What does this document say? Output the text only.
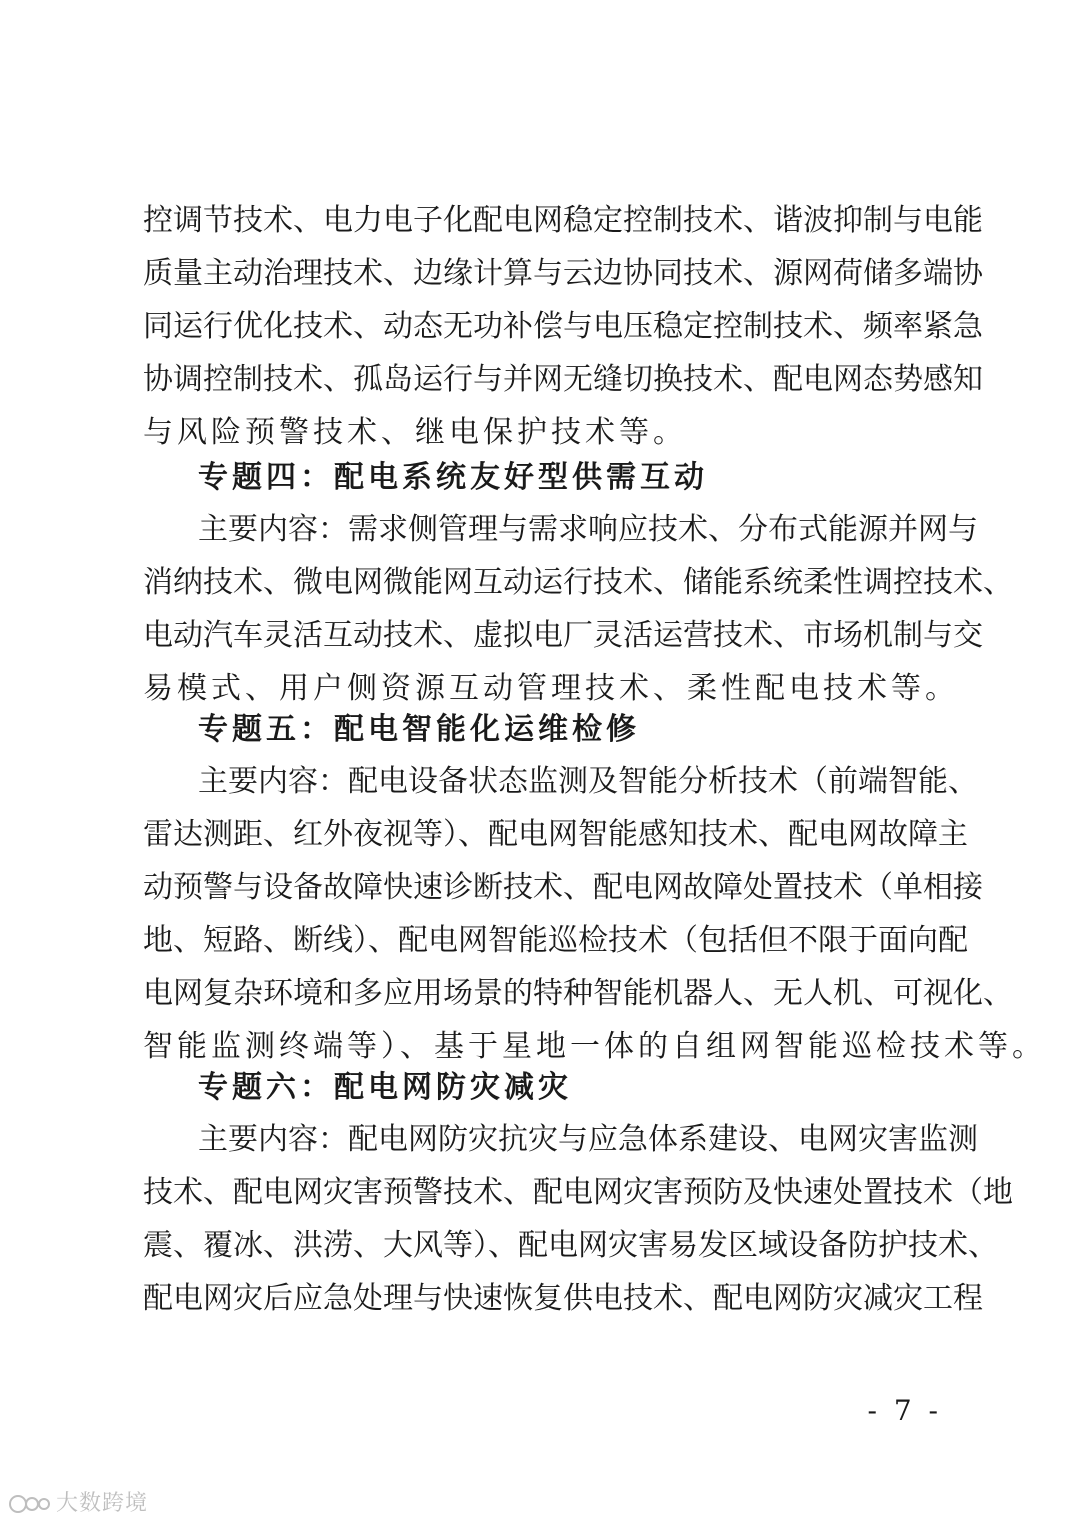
控调节技术、电力电子化配电网稳定控制技术、谐波抑制与电能
质量主动治理技术、边缘计算与云边协同技术、源网荷储多端协
同运行优化技术、动态无功补偿与电压稳定控制技术、频率紧急
协调控制技术、孤岛运行与并网无缝切换技术、配电网态势感知
与风险预警技术、继电保护技术等。
专题四：配电系统友好型供需互动
主要内容：需求侧管理与需求响应技术、分布式能源并网与
消纳技术、微电网微能网互动运行技术、储能系统柔性调控技术、
电动汽车灵活互动技术、虚拟电厂灵活运营技术、市场机制与交
易模式、用户侧资源互动管理技术、柔性配电技术等。
专题五：配电智能化运维检修
主要内容：配电设备状态监测及智能分析技术（前端智能、
雷达测距、红外夜视等）、配电网智能感知技术、配电网故障主
动预警与设备故障快速诊断技术、配电网故障处置技术（单相接
地、短路、断线）、配电网智能巡检技术（包括但不限于面向配
电网复杂环境和多应用场景的特种智能机器人、无人机、可视化、
智能监测终端等）、基于星地一体的自组网智能巡检技术等。
专题六：配电网防灾减灾
主要内容：配电网防灾抗灾与应急体系建设、电网灾害监测
技术、配电网灾害预警技术、配电网灾害预防及快速处置技术（地
震、覆冰、洪涝、大风等）、配电网灾害易发区域设备防护技术、
配电网灾后应急处理与快速恢复供电技术、配电网防灾减灾工程
- 7 -
大数跨境
